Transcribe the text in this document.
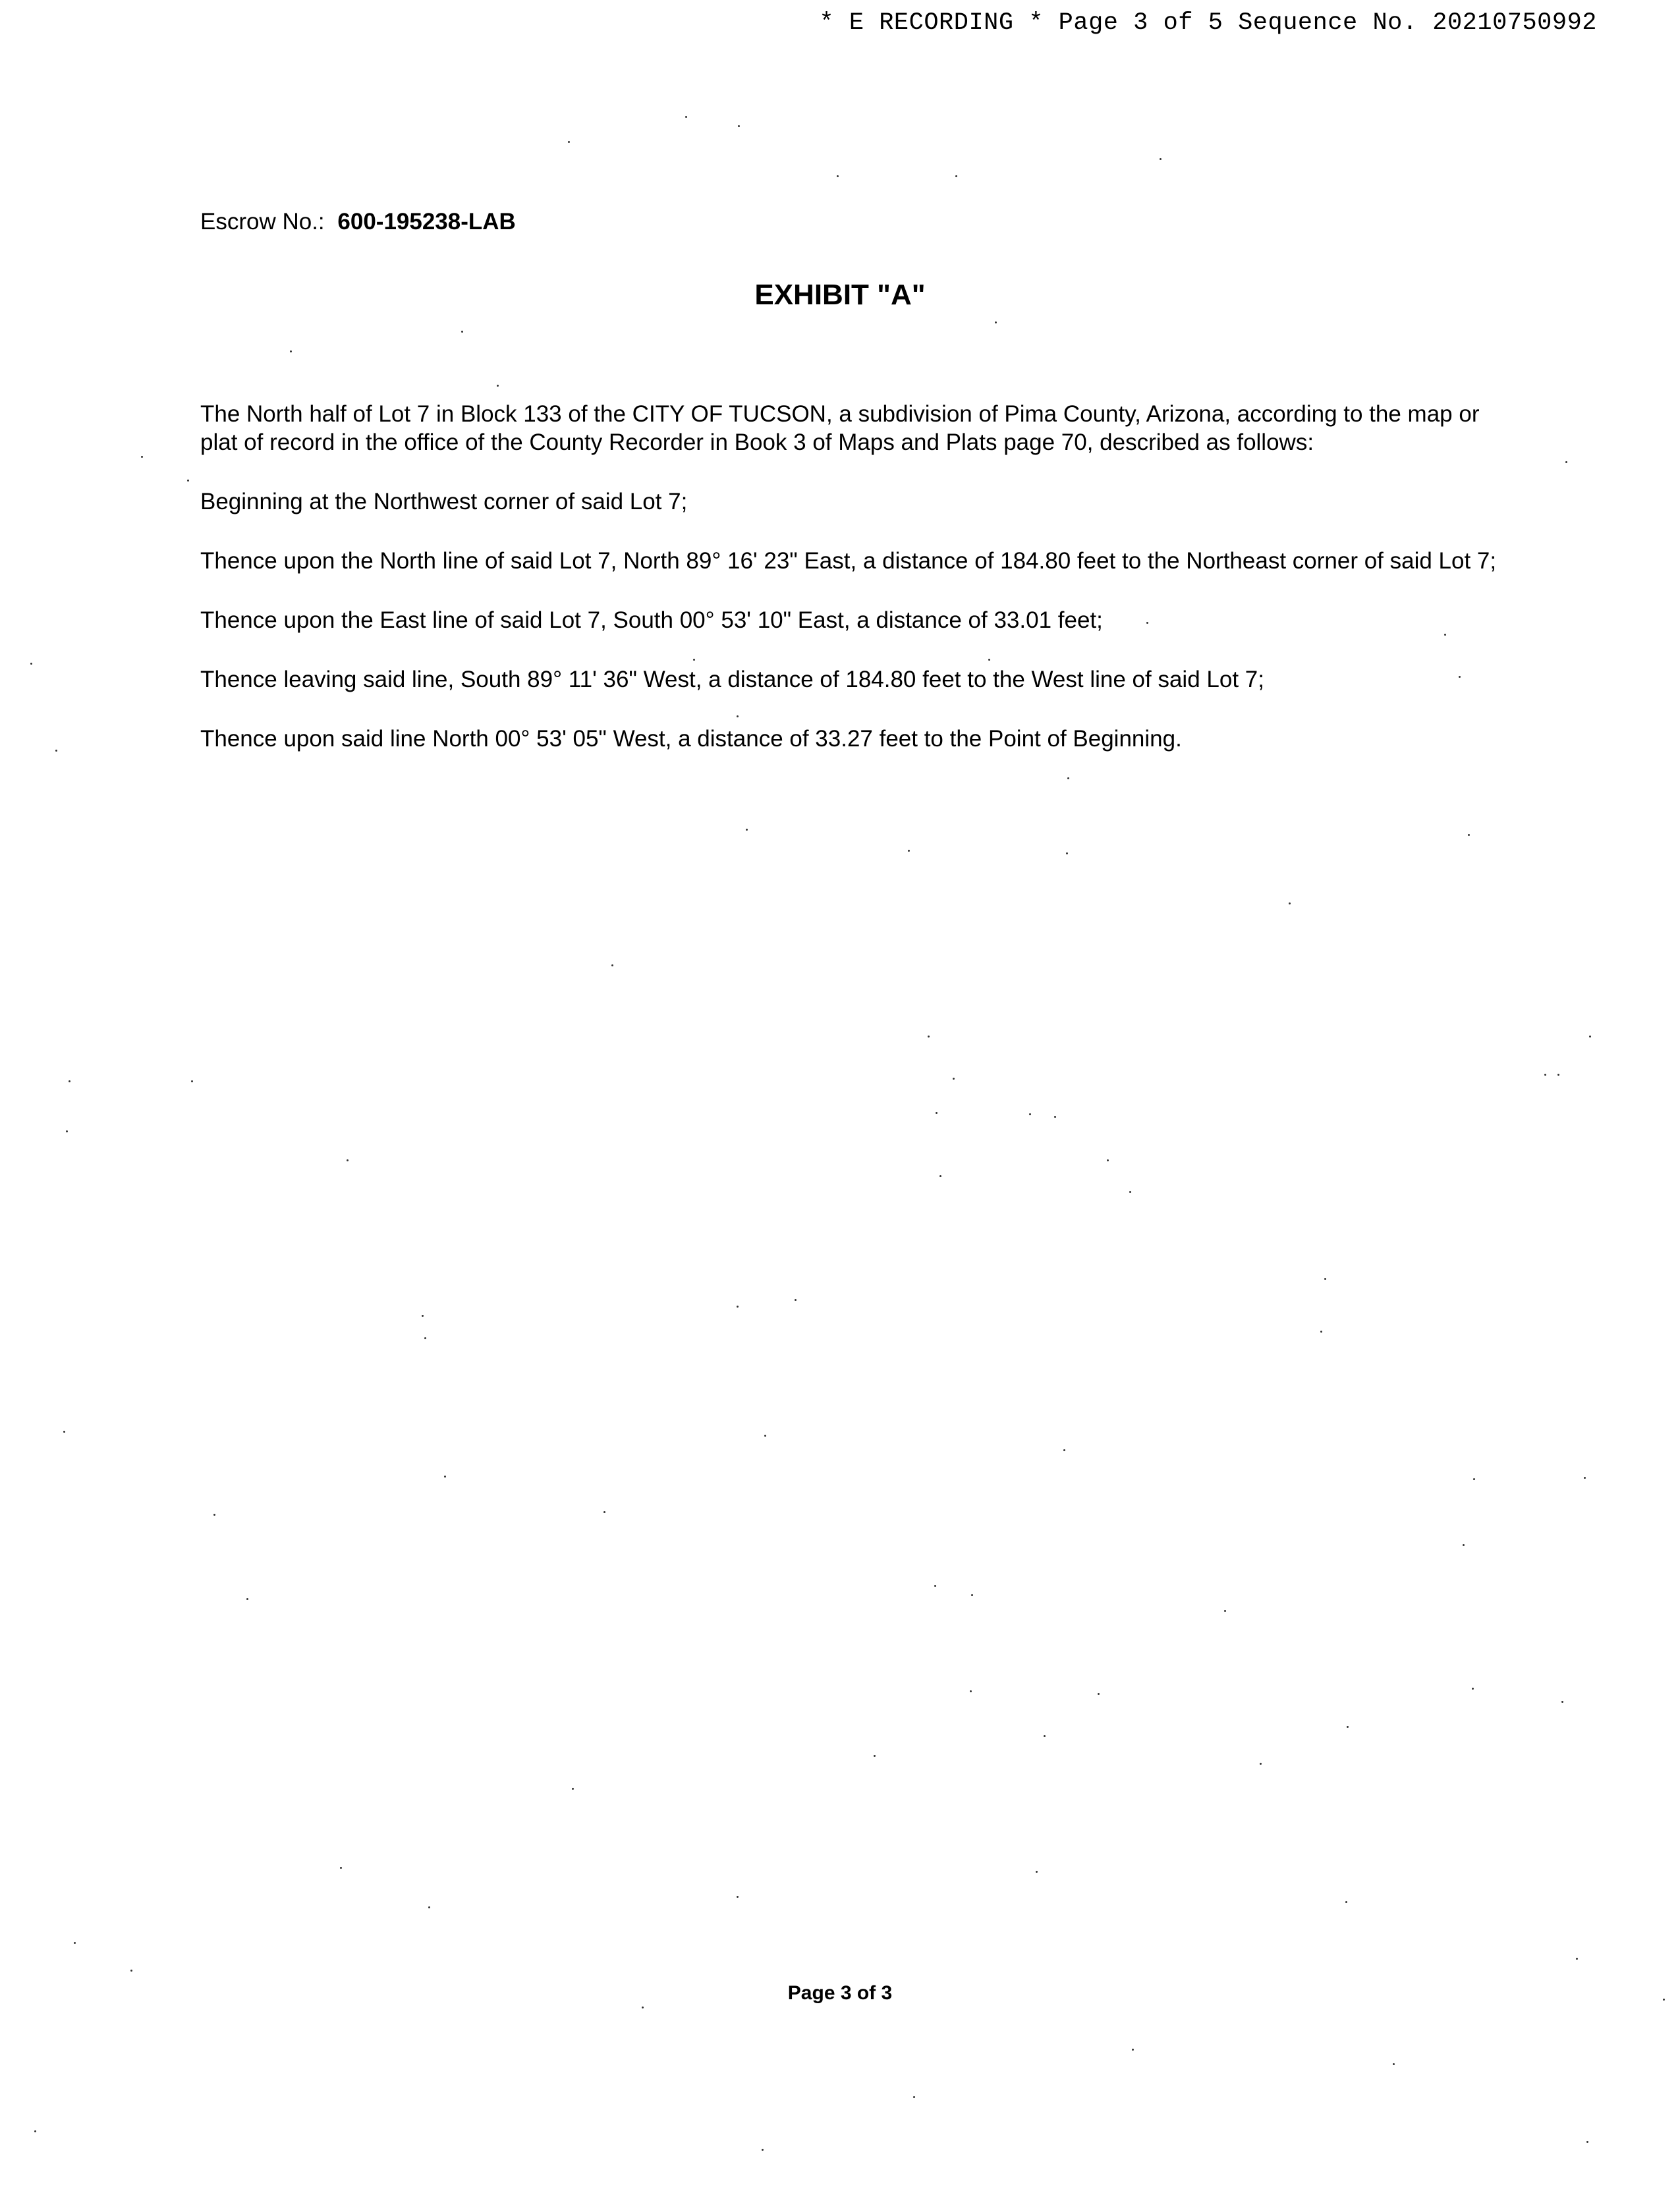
* E RECORDING * Page 3 of 5 Sequence No. 20210750992
Escrow No.: 600-195238-LAB
EXHIBIT "A"

The North half of Lot 7 in Block 133 of the CITY OF TUCSON, a subdivision of Pima County, Arizona, according to the map or plat of record in the office of the County Recorder in Book 3 of Maps and Plats page 70, described as follows:

Beginning at the Northwest corner of said Lot 7;

Thence upon the North line of said Lot 7, North 89° 16' 23" East, a distance of 184.80 feet to the Northeast corner of said Lot 7;

Thence upon the East line of said Lot 7, South 00° 53' 10" East, a distance of 33.01 feet;

Thence leaving said line, South 89° 11' 36" West, a distance of 184.80 feet to the West line of said Lot 7;

Thence upon said line North 00° 53' 05" West, a distance of 33.27 feet to the Point of Beginning.

Page 3 of 3
